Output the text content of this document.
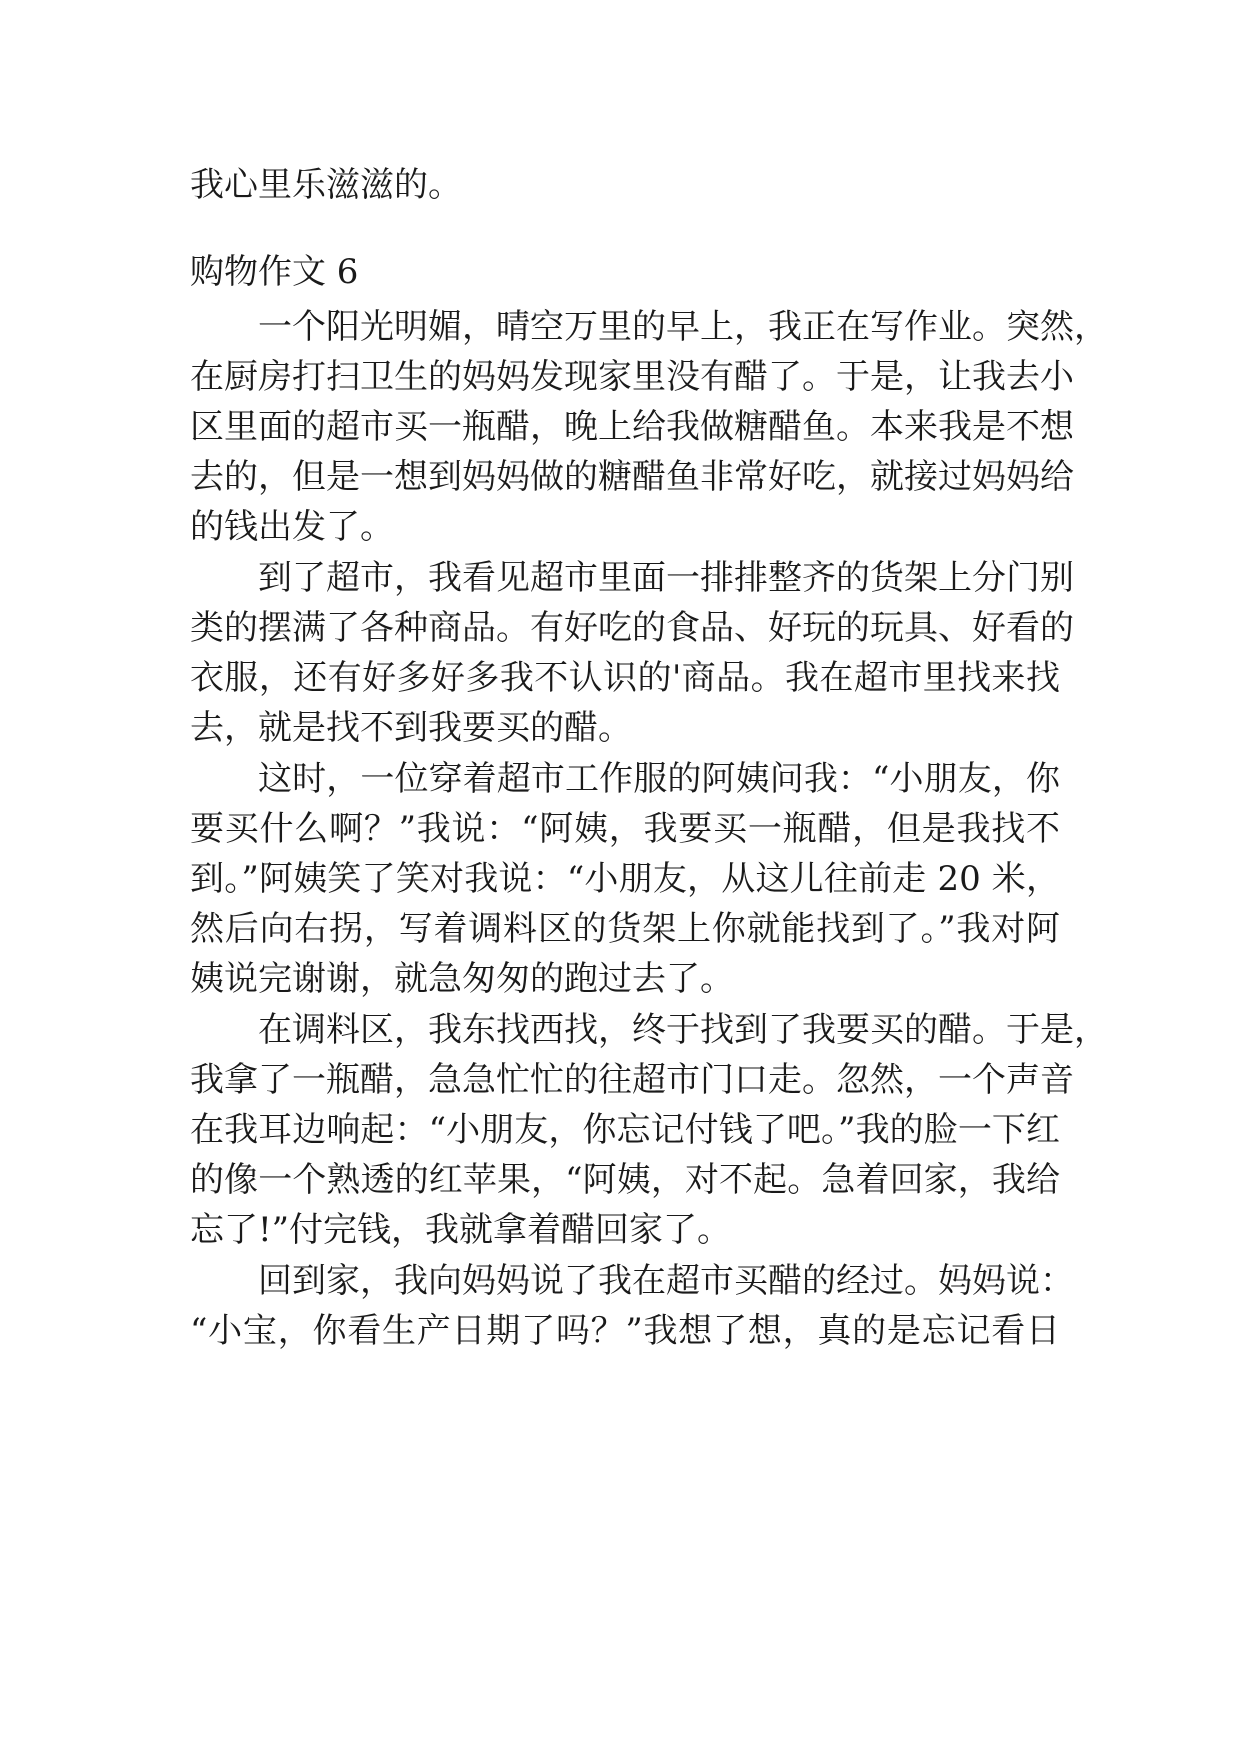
我心里乐滋滋的。
购物作文 6
一个阳光明媚，晴空万里的早上，我正在写作业。突然，
在厨房打扫卫生的妈妈发现家里没有醋了。于是，让我去小
区里面的超市买一瓶醋，晚上给我做糖醋鱼。本来我是不想
去的，但是一想到妈妈做的糖醋鱼非常好吃，就接过妈妈给
的钱出发了。
到了超市，我看见超市里面一排排整齐的货架上分门别
类的摆满了各种商品。有好吃的食品、好玩的玩具、好看的
衣服，还有好多好多我不认识的'商品。我在超市里找来找
去，就是找不到我要买的醋。
这时，一位穿着超市工作服的阿姨问我：“小朋友，你
要买什么啊？”我说：“阿姨，我要买一瓶醋，但是我找不
到。”阿姨笑了笑对我说：“小朋友，从这儿往前走 20 米，
然后向右拐，写着调料区的货架上你就能找到了。”我对阿
姨说完谢谢，就急匆匆的跑过去了。
在调料区，我东找西找，终于找到了我要买的醋。于是，
我拿了一瓶醋，急急忙忙的往超市门口走。忽然，一个声音
在我耳边响起：“小朋友，你忘记付钱了吧。”我的脸一下红
的像一个熟透的红苹果，“阿姨，对不起。急着回家，我给
忘了!”付完钱，我就拿着醋回家了。
回到家，我向妈妈说了我在超市买醋的经过。妈妈说：
“小宝，你看生产日期了吗？”我想了想，真的是忘记看日
